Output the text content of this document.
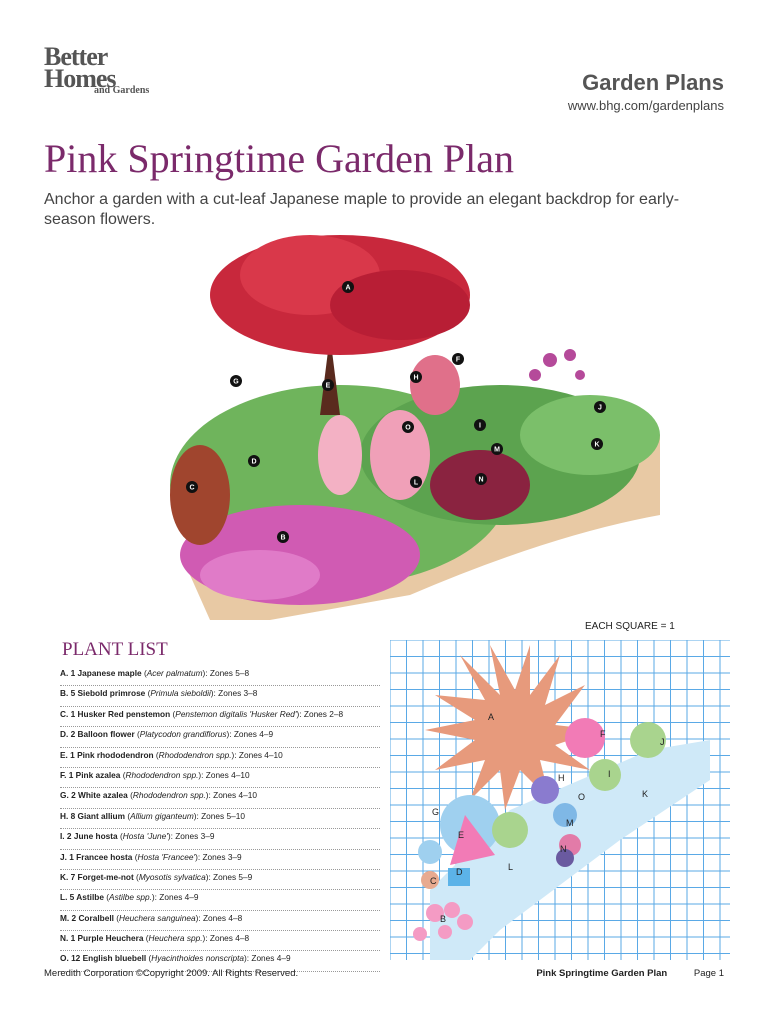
Better
Homes
and Gardens	Garden Plans
www.bhg.com/gardenplans
Pink Springtime Garden Plan
Anchor a garden with a cut-leaf Japanese maple to provide an elegant backdrop for early-season flowers.
A
B
C
D
E
F
G
H
I
J
K
L
M
N
O
EACH SQUARE = 1
PLANT LIST
A. 1 Japanese maple (Acer palmatum): Zones 5–8
B. 5 Siebold primrose (Primula sieboldii): Zones 3–8
C. 1 Husker Red penstemon (Penstemon digitalis 'Husker Red'): Zones 2–8
D. 2 Balloon flower (Platycodon grandiflorus): Zones 4–9
E. 1 Pink rhododendron (Rhododendron spp.): Zones 4–10
F. 1 Pink azalea (Rhododendron spp.): Zones 4–10
G. 2 White azalea (Rhododendron spp.): Zones 4–10
H. 8 Giant allium (Allium giganteum): Zones 5–10
I. 2 June hosta (Hosta 'June'): Zones 3–9
J. 1 Francee hosta (Hosta 'Francee'): Zones 3–9
K. 7 Forget-me-not (Myosotis sylvatica): Zones 5–9
L. 5 Astilbe (Astilbe spp.): Zones 4–9
M. 2 Coralbell (Heuchera sanguinea): Zones 4–8
N. 1 Purple Heuchera (Heuchera spp.): Zones 4–8
O. 12 English bluebell (Hyacinthoides nonscripta): Zones 4–9
A
B
C
D
E
F
G
H	I
J
K
L
M
N
O
Meredith Corporation ©Copyright 2009. All Rights Reserved.	Pink Springtime Garden Plan	Page 1
